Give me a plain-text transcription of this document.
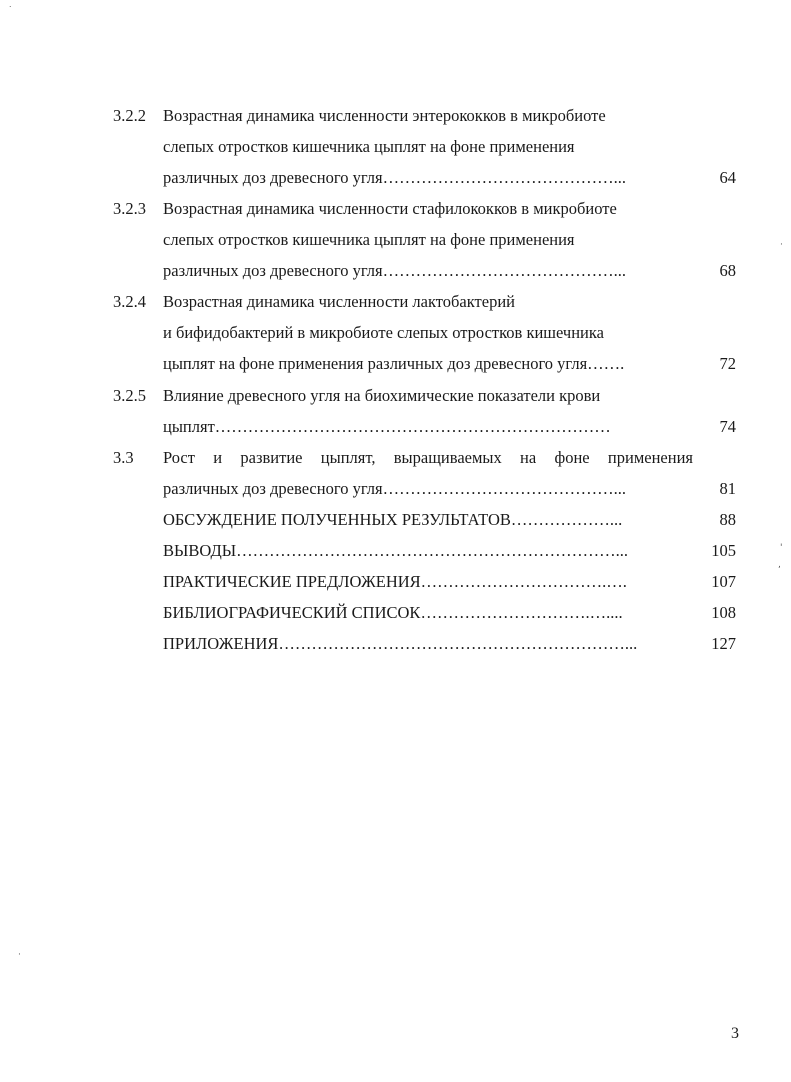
3.2.2 Возрастная динамика численности энтерококков в микробиоте
слепых отростков кишечника цыплят на фоне применения
различных доз древесного угля……………………………………...	64
3.2.3 Возрастная динамика численности стафилококков в микробиоте
слепых отростков кишечника цыплят на фоне применения
различных доз древесного угля……………………………………...	68
3.2.4 Возрастная динамика численности лактобактерий
и бифидобактерий в микробиоте слепых отростков кишечника
цыплят на фоне применения различных доз древесного угля…….	72
3.2.5 Влияние древесного угля на биохимические показатели крови
цыплят………………………………………………………………	74
3.3 Рост и развитие цыплят, выращиваемых на фоне применения
различных доз древесного угля……………………………………...	81
ОБСУЖДЕНИЕ ПОЛУЧЕННЫХ РЕЗУЛЬТАТОВ………………...	88
ВЫВОДЫ……………………………………………………………...	105
ПРАКТИЧЕСКИЕ ПРЕДЛОЖЕНИЯ…………………………….….	107
БИБЛИОГРАФИЧЕСКИЙ СПИСОК………………………….…....	108
ПРИЛОЖЕНИЯ………………………………………………………...	127
3
˙
·
'
,
·
